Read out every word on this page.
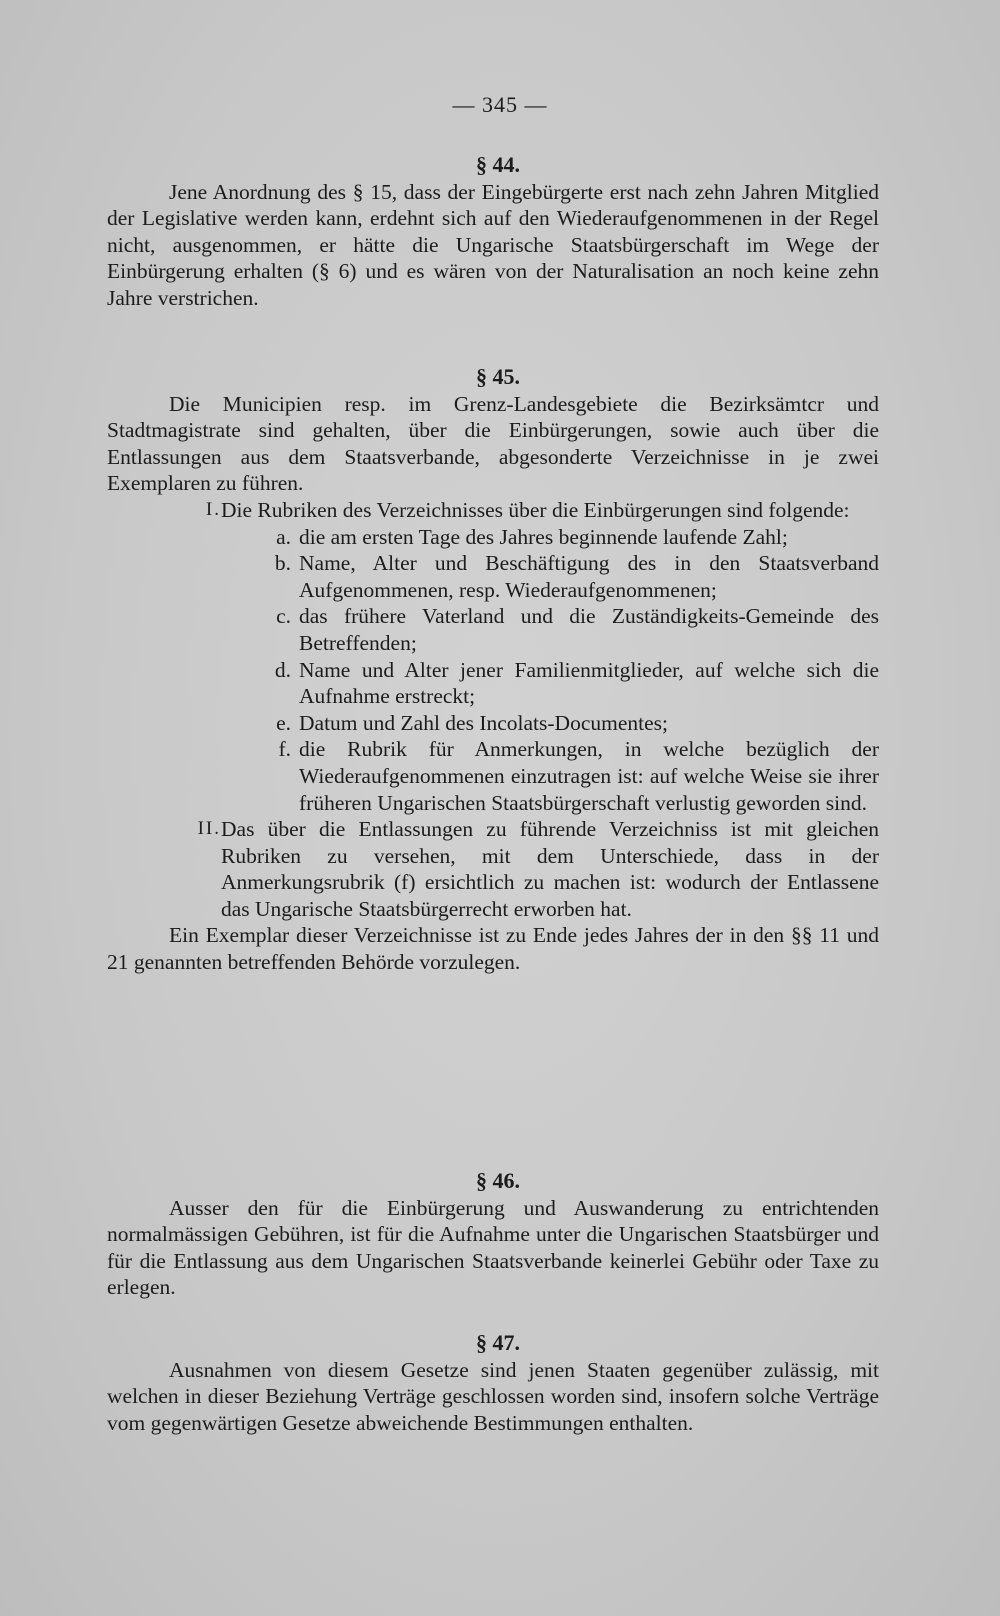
— 345 —
§ 44.

Jene Anordnung des § 15, dass der Eingebürgerte erst nach zehn Jahren Mitglied der Legislative werden kann, erdehnt sich auf den Wiederaufgenommenen in der Regel nicht, ausgenommen, er hätte die Ungarische Staatsbürgerschaft im Wege der Einbürgerung erhalten (§ 6) und es wären von der Naturalisation an noch keine zehn Jahre verstrichen.

§ 45.

Die Municipien resp. im Grenz-Landesgebiete die Bezirksämtcr und Stadtmagistrate sind gehalten, über die Einbürgerungen, sowie auch über die Entlassungen aus dem Staatsverbande, abgesonderte Verzeichnisse in je zwei Exemplaren zu führen.

I. Die Rubriken des Verzeichnisses über die Einbürgerungen sind folgende:
a. die am ersten Tage des Jahres beginnende laufende Zahl;
b. Name, Alter und Beschäftigung des in den Staatsverband Aufgenommenen, resp. Wiederaufgenommenen;
c. das frühere Vaterland und die Zuständigkeits-Gemeinde des Betreffenden;
d. Name und Alter jener Familienmitglieder, auf welche sich die Aufnahme erstreckt;
e. Datum und Zahl des Incolats-Documentes;
f. die Rubrik für Anmerkungen, in welche bezüglich der Wiederaufgenommenen einzutragen ist: auf welche Weise sie ihrer früheren Ungarischen Staatsbürgerschaft verlustig geworden sind.
II. Das über die Entlassungen zu führende Verzeichniss ist mit gleichen Rubriken zu versehen, mit dem Unterschiede, dass in der Anmerkungsrubrik (f) ersichtlich zu machen ist: wodurch der Entlassene das Ungarische Staatsbürgerrecht erworben hat.

Ein Exemplar dieser Verzeichnisse ist zu Ende jedes Jahres der in den §§ 11 und 21 genannten betreffenden Behörde vorzulegen.

§ 46.

Ausser den für die Einbürgerung und Auswanderung zu entrichtenden normalmässigen Gebühren, ist für die Aufnahme unter die Ungarischen Staatsbürger und für die Entlassung aus dem Ungarischen Staatsverbande keinerlei Gebühr oder Taxe zu erlegen.

§ 47.

Ausnahmen von diesem Gesetze sind jenen Staaten gegenüber zulässig, mit welchen in dieser Beziehung Verträge geschlossen worden sind, insofern solche Verträge vom gegenwärtigen Gesetze abweichende Bestimmungen enthalten.
